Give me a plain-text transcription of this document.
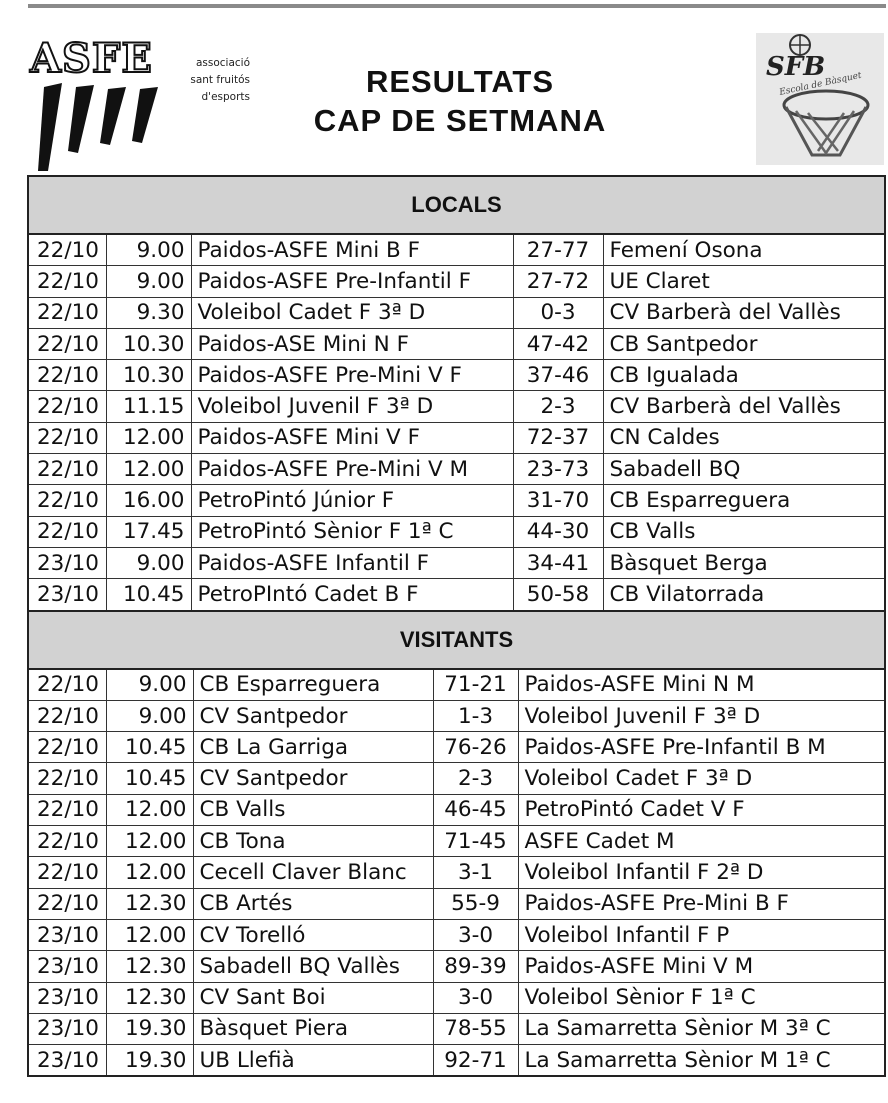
ASFE	associació
sant fruitós
d'esports	RESULTATS
CAP DE SETMANA
SFB
Escola de Bàsquet
LOCALS
22/10	9.00	Paidos-ASFE Mini B F	27-77	Femení Osona
22/10	9.00	Paidos-ASFE Pre-Infantil F	27-72	UE Claret
22/10	9.30	Voleibol Cadet F 3ª D	0-3	CV Barberà del Vallès
22/10	10.30	Paidos-ASE Mini N F	47-42	CB Santpedor
22/10	10.30	Paidos-ASFE Pre-Mini V F	37-46	CB Igualada
22/10	11.15	Voleibol Juvenil F 3ª D	2-3	CV Barberà del Vallès
22/10	12.00	Paidos-ASFE Mini V F	72-37	CN Caldes
22/10	12.00	Paidos-ASFE Pre-Mini V M	23-73	Sabadell BQ
22/10	16.00	PetroPintó Júnior F	31-70	CB Esparreguera
22/10	17.45	PetroPintó Sènior F 1ª C	44-30	CB Valls
23/10	9.00	Paidos-ASFE Infantil F	34-41	Bàsquet Berga
23/10	10.45	PetroPIntó Cadet B F	50-58	CB Vilatorrada
VISITANTS
22/10	9.00	CB Esparreguera	71-21	Paidos-ASFE Mini N M
22/10	9.00	CV Santpedor	1-3	Voleibol Juvenil F 3ª D
22/10	10.45	CB La Garriga	76-26	Paidos-ASFE Pre-Infantil B M
22/10	10.45	CV Santpedor	2-3	Voleibol Cadet F 3ª D
22/10	12.00	CB Valls	46-45	PetroPintó Cadet V F
22/10	12.00	CB Tona	71-45	ASFE Cadet M
22/10	12.00	Cecell Claver Blanc	3-1	Voleibol Infantil F 2ª D
22/10	12.30	CB Artés	55-9	Paidos-ASFE Pre-Mini B F
23/10	12.00	CV Torelló	3-0	Voleibol Infantil F P
23/10	12.30	Sabadell BQ Vallès	89-39	Paidos-ASFE Mini V M
23/10	12.30	CV Sant Boi	3-0	Voleibol Sènior F 1ª C
23/10	19.30	Bàsquet Piera	78-55	La Samarretta Sènior M 3ª C
23/10	19.30	UB Llefià	92-71	La Samarretta Sènior M 1ª C
